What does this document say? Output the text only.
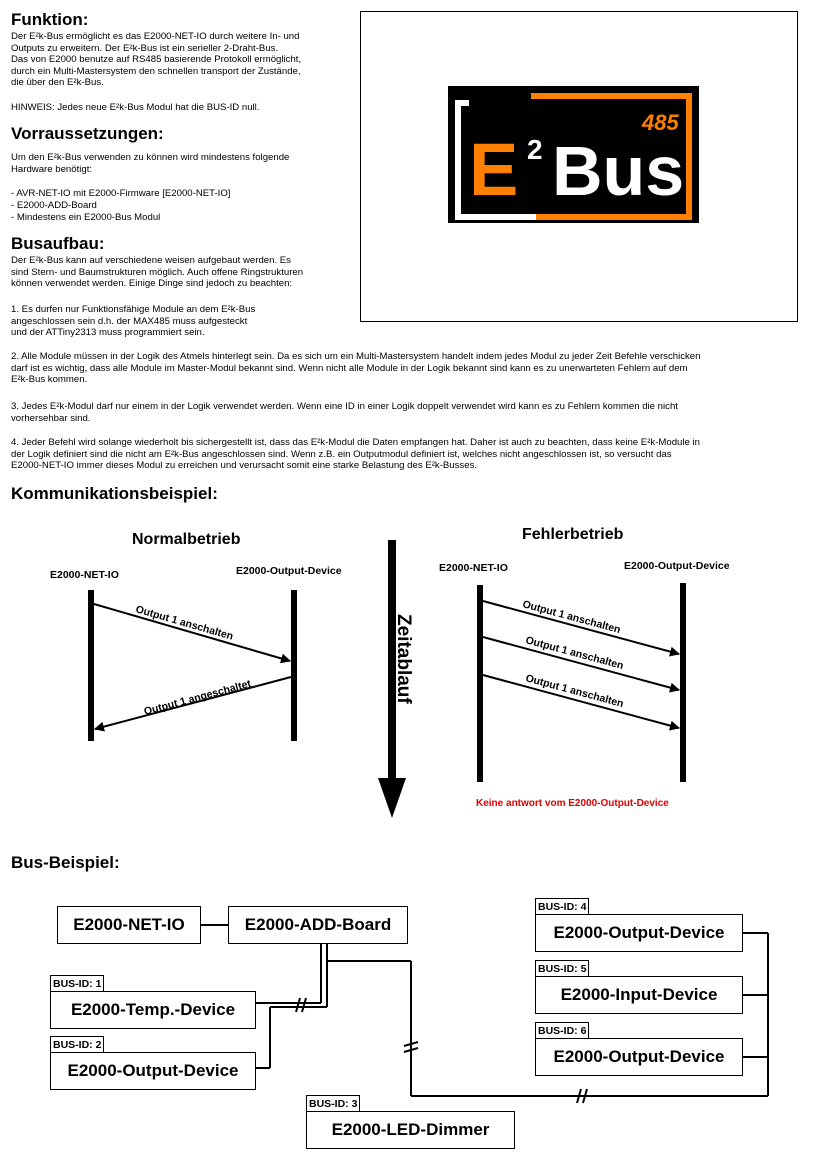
Funktion:
Der E²k-Bus ermöglicht es das E2000-NET-IO durch weitere In- und
Outputs zu erweitern. Der E²k-Bus ist ein serieller 2-Draht-Bus.
Das von E2000 benutze auf RS485 basierende Protokoll ermöglicht,
durch ein Multi-Mastersystem den schnellen transport der Zustände,
die über den E²k-Bus.
HINWEIS: Jedes neue E²k-Bus Modul hat die BUS-ID null.
Vorraussetzungen:
Um den E²k-Bus verwenden zu können wird mindestens folgende
Hardware benötigt:
- AVR-NET-IO mit E2000-Firmware [E2000-NET-IO]
- E2000-ADD-Board
- Mindestens ein E2000-Bus Modul
Busaufbau:
Der E²k-Bus kann auf verschiedene weisen aufgebaut werden. Es
sind Stern- und Baumstrukturen möglich. Auch offene Ringstrukturen
können verwendet werden. Einige Dinge sind jedoch zu beachten:
1. Es durfen nur Funktionsfähige Module an dem E²k-Bus
angeschlossen sein d.h. der MAX485 muss aufgesteckt
und der ATTiny2313 muss programmiert sein.
2. Alle Module müssen in der Logik des Atmels hinterlegt sein. Da es sich um ein Multi-Mastersystem handelt indem jedes Modul zu jeder Zeit Befehle verschicken
darf ist es wichtig, dass alle Module im Master-Modul bekannt sind. Wenn nicht alle Module in der Logik bekannt sind kann es zu unerwarteten Fehlern auf dem
E²k-Bus kommen.
3. Jedes E²k-Modul darf nur einem in der Logik verwendet werden. Wenn eine ID in einer Logik doppelt verwendet wird kann es zu Fehlern kommen die nicht
vorhersehbar sind.
4. Jeder Befehl wird solange wiederholt bis sichergestellt ist, dass das E²k-Modul die Daten empfangen hat. Daher ist auch zu beachten, dass keine E²k-Module in
der Logik definiert sind die nicht am E²k-Bus angeschlossen sind. Wenn z.B. ein Outputmodul definiert ist, welches nicht angeschlossen ist, so versucht das
E2000-NET-IO immer dieses Modul zu erreichen und verursacht somit eine starke Belastung des E²k-Busses.
485
E 2 Bus
Kommunikationsbeispiel:
Normalbetrieb
E2000-NET-IO	E2000-Output-Device
Output 1 anschalten
Output 1 angeschaltet	Zeitablauf
Fehlerbetrieb
E2000-NET-IO	E2000-Output-Device
Output 1 anschalten
Output 1 anschalten
Output 1 anschalten
Keine antwort vom E2000-Output-Device
Bus-Beispiel:
E2000-NET-IO	E2000-ADD-Board
BUS-ID: 1
E2000-Temp.-Device
BUS-ID: 2
E2000-Output-Device
BUS-ID: 3
E2000-LED-Dimmer
BUS-ID: 4
E2000-Output-Device
BUS-ID: 5
E2000-Input-Device
BUS-ID: 6
E2000-Output-Device
